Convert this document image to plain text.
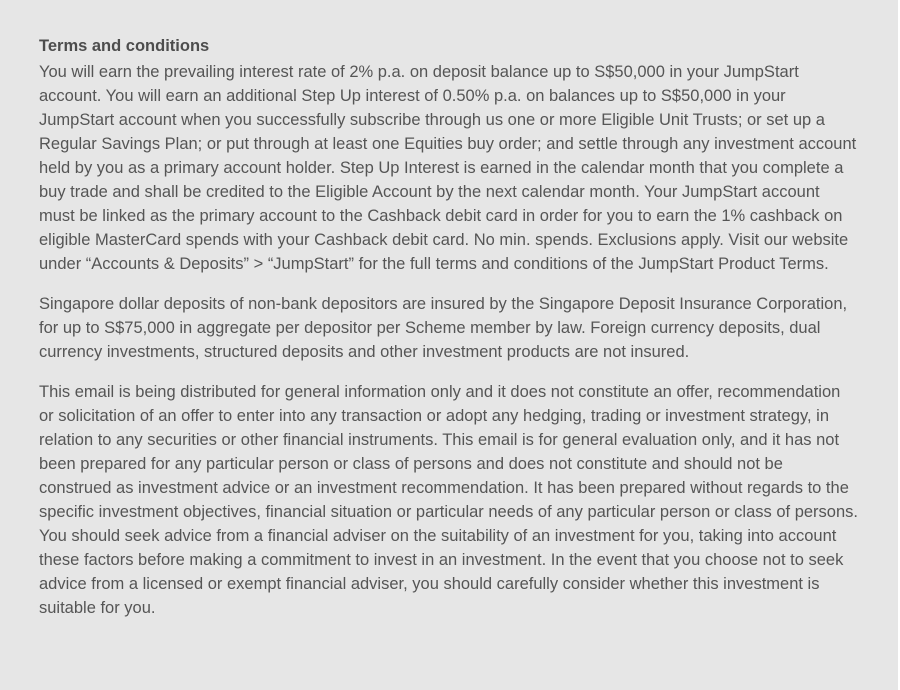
Terms and conditions

You will earn the prevailing interest rate of 2% p.a. on deposit balance up to S$50,000 in your JumpStart account. You will earn an additional Step Up interest of 0.50% p.a. on balances up to S$50,000 in your JumpStart account when you successfully subscribe through us one or more Eligible Unit Trusts; or set up a Regular Savings Plan; or put through at least one Equities buy order; and settle through any investment account held by you as a primary account holder. Step Up Interest is earned in the calendar month that you complete a buy trade and shall be credited to the Eligible Account by the next calendar month. Your JumpStart account must be linked as the primary account to the Cashback debit card in order for you to earn the 1% cashback on eligible MasterCard spends with your Cashback debit card. No min. spends. Exclusions apply. Visit our website under “Accounts & Deposits” > “JumpStart” for the full terms and conditions of the JumpStart Product Terms.

Singapore dollar deposits of non-bank depositors are insured by the Singapore Deposit Insurance Corporation, for up to S$75,000 in aggregate per depositor per Scheme member by law. Foreign currency deposits, dual currency investments, structured deposits and other investment products are not insured.

This email is being distributed for general information only and it does not constitute an offer, recommendation or solicitation of an offer to enter into any transaction or adopt any hedging, trading or investment strategy, in relation to any securities or other financial instruments. This email is for general evaluation only, and it has not been prepared for any particular person or class of persons and does not constitute and should not be construed as investment advice or an investment recommendation. It has been prepared without regards to the specific investment objectives, financial situation or particular needs of any particular person or class of persons. You should seek advice from a financial adviser on the suitability of an investment for you, taking into account these factors before making a commitment to invest in an investment. In the event that you choose not to seek advice from a licensed or exempt financial adviser, you should carefully consider whether this investment is suitable for you.
